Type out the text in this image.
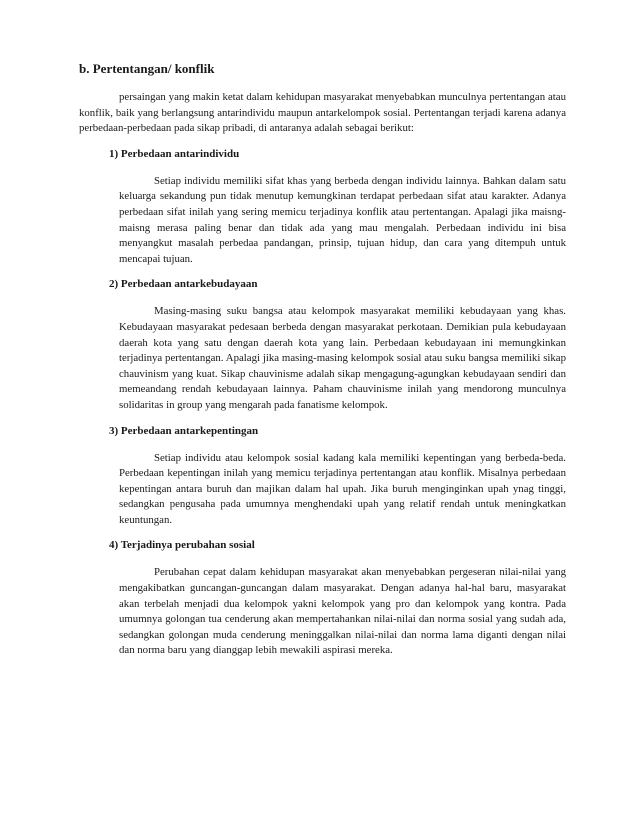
b. Pertentangan/ konflik

persaingan yang makin ketat dalam kehidupan masyarakat menyebabkan munculnya pertentangan atau konflik, baik yang berlangsung antarindividu maupun antarkelompok sosial. Pertentangan terjadi karena adanya perbedaan-perbedaan pada sikap pribadi, di antaranya adalah sebagai berikut:

1) Perbedaan antarindividu

Setiap individu memiliki sifat khas yang berbeda dengan individu lainnya. Bahkan dalam satu keluarga sekandung pun tidak menutup kemungkinan terdapat perbedaan sifat atau karakter. Adanya perbedaan sifat inilah yang sering memicu terjadinya konflik atau pertentangan. Apalagi jika maisng-maisng merasa paling benar dan tidak ada yang mau mengalah. Perbedaan individu ini bisa menyangkut masalah perbedaa pandangan, prinsip, tujuan hidup, dan cara yang ditempuh untuk mencapai tujuan.

2) Perbedaan antarkebudayaan

Masing-masing suku bangsa atau kelompok masyarakat memiliki kebudayaan yang khas. Kebudayaan masyarakat pedesaan berbeda dengan masyarakat perkotaan. Demikian pula kebudayaan daerah kota yang satu dengan daerah kota yang lain. Perbedaan kebudayaan ini memungkinkan terjadinya pertentangan. Apalagi jika masing-masing kelompok sosial atau suku bangsa memiliki sikap chauvinism yang kuat. Sikap chauvinisme adalah sikap mengagung-agungkan kebudayaan sendiri dan memeandang rendah kebudayaan lainnya. Paham chauvinisme inilah yang mendorong munculnya solidaritas in group yang mengarah pada fanatisme kelompok.

3) Perbedaan antarkepentingan

Setiap individu atau kelompok sosial kadang kala memiliki kepentingan yang berbeda-beda. Perbedaan kepentingan inilah yang memicu terjadinya pertentangan atau konflik. Misalnya perbedaan kepentingan antara buruh dan majikan dalam hal upah. Jika buruh menginginkan upah ynag tinggi, sedangkan pengusaha pada umumnya menghendaki upah yang relatif rendah untuk meningkatkan keuntungan.

4) Terjadinya perubahan sosial

Perubahan cepat dalam kehidupan masyarakat akan menyebabkan pergeseran nilai-nilai yang mengakibatkan guncangan-guncangan dalam masyarakat. Dengan adanya hal-hal baru, masyarakat akan terbelah menjadi dua kelompok yakni kelompok yang pro dan kelompok yang kontra. Pada umumnya golongan tua cenderung akan mempertahankan nilai-nilai dan norma sosial yang sudah ada, sedangkan golongan muda cenderung meninggalkan nilai-nilai dan norma lama diganti dengan nilai dan norma baru yang dianggap lebih mewakili aspirasi mereka.
